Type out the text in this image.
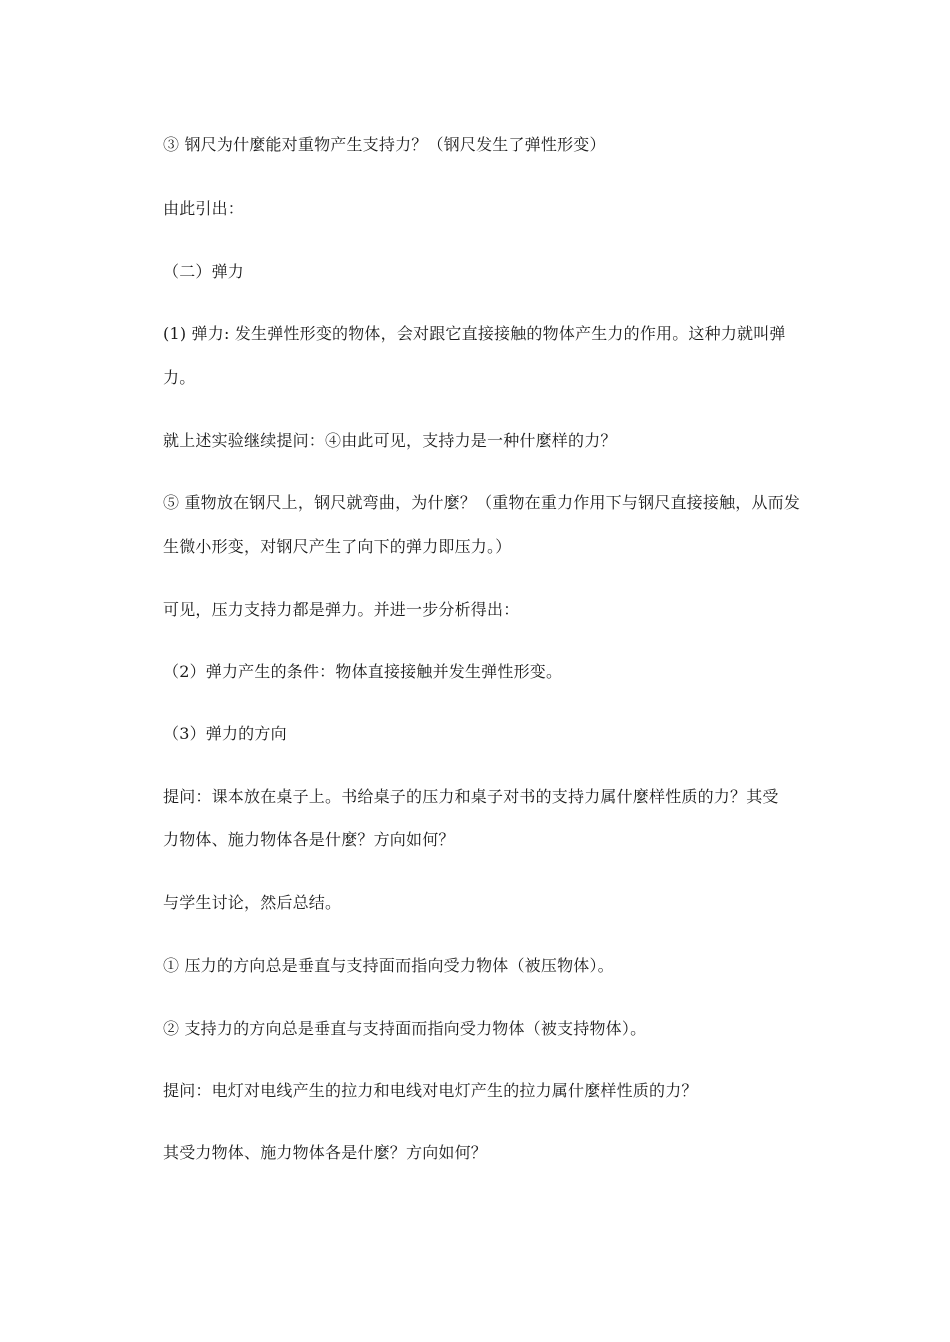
③ 钢尺为什麼能对重物产生支持力？（钢尺发生了弹性形变）
由此引出：
（二）弹力
(1) 弹力: 发生弹性形变的物体，会对跟它直接接触的物体产生力的作用。这种力就叫弹
力。
就上述实验继续提问：④由此可见，支持力是一种什麼样的力？
⑤ 重物放在钢尺上，钢尺就弯曲，为什麼？（重物在重力作用下与钢尺直接接触，从而发
生微小形变，对钢尺产生了向下的弹力即压力。）
可见，压力支持力都是弹力。并进一步分析得出：
（2）弹力产生的条件：物体直接接触并发生弹性形变。
（3）弹力的方向
提问：课本放在桌子上。书给桌子的压力和桌子对书的支持力属什麼样性质的力？其受
力物体、施力物体各是什麼？方向如何？
与学生讨论，然后总结。
① 压力的方向总是垂直与支持面而指向受力物体（被压物体）。
② 支持力的方向总是垂直与支持面而指向受力物体（被支持物体）。
提问：电灯对电线产生的拉力和电线对电灯产生的拉力属什麼样性质的力？
其受力物体、施力物体各是什麼？方向如何？
